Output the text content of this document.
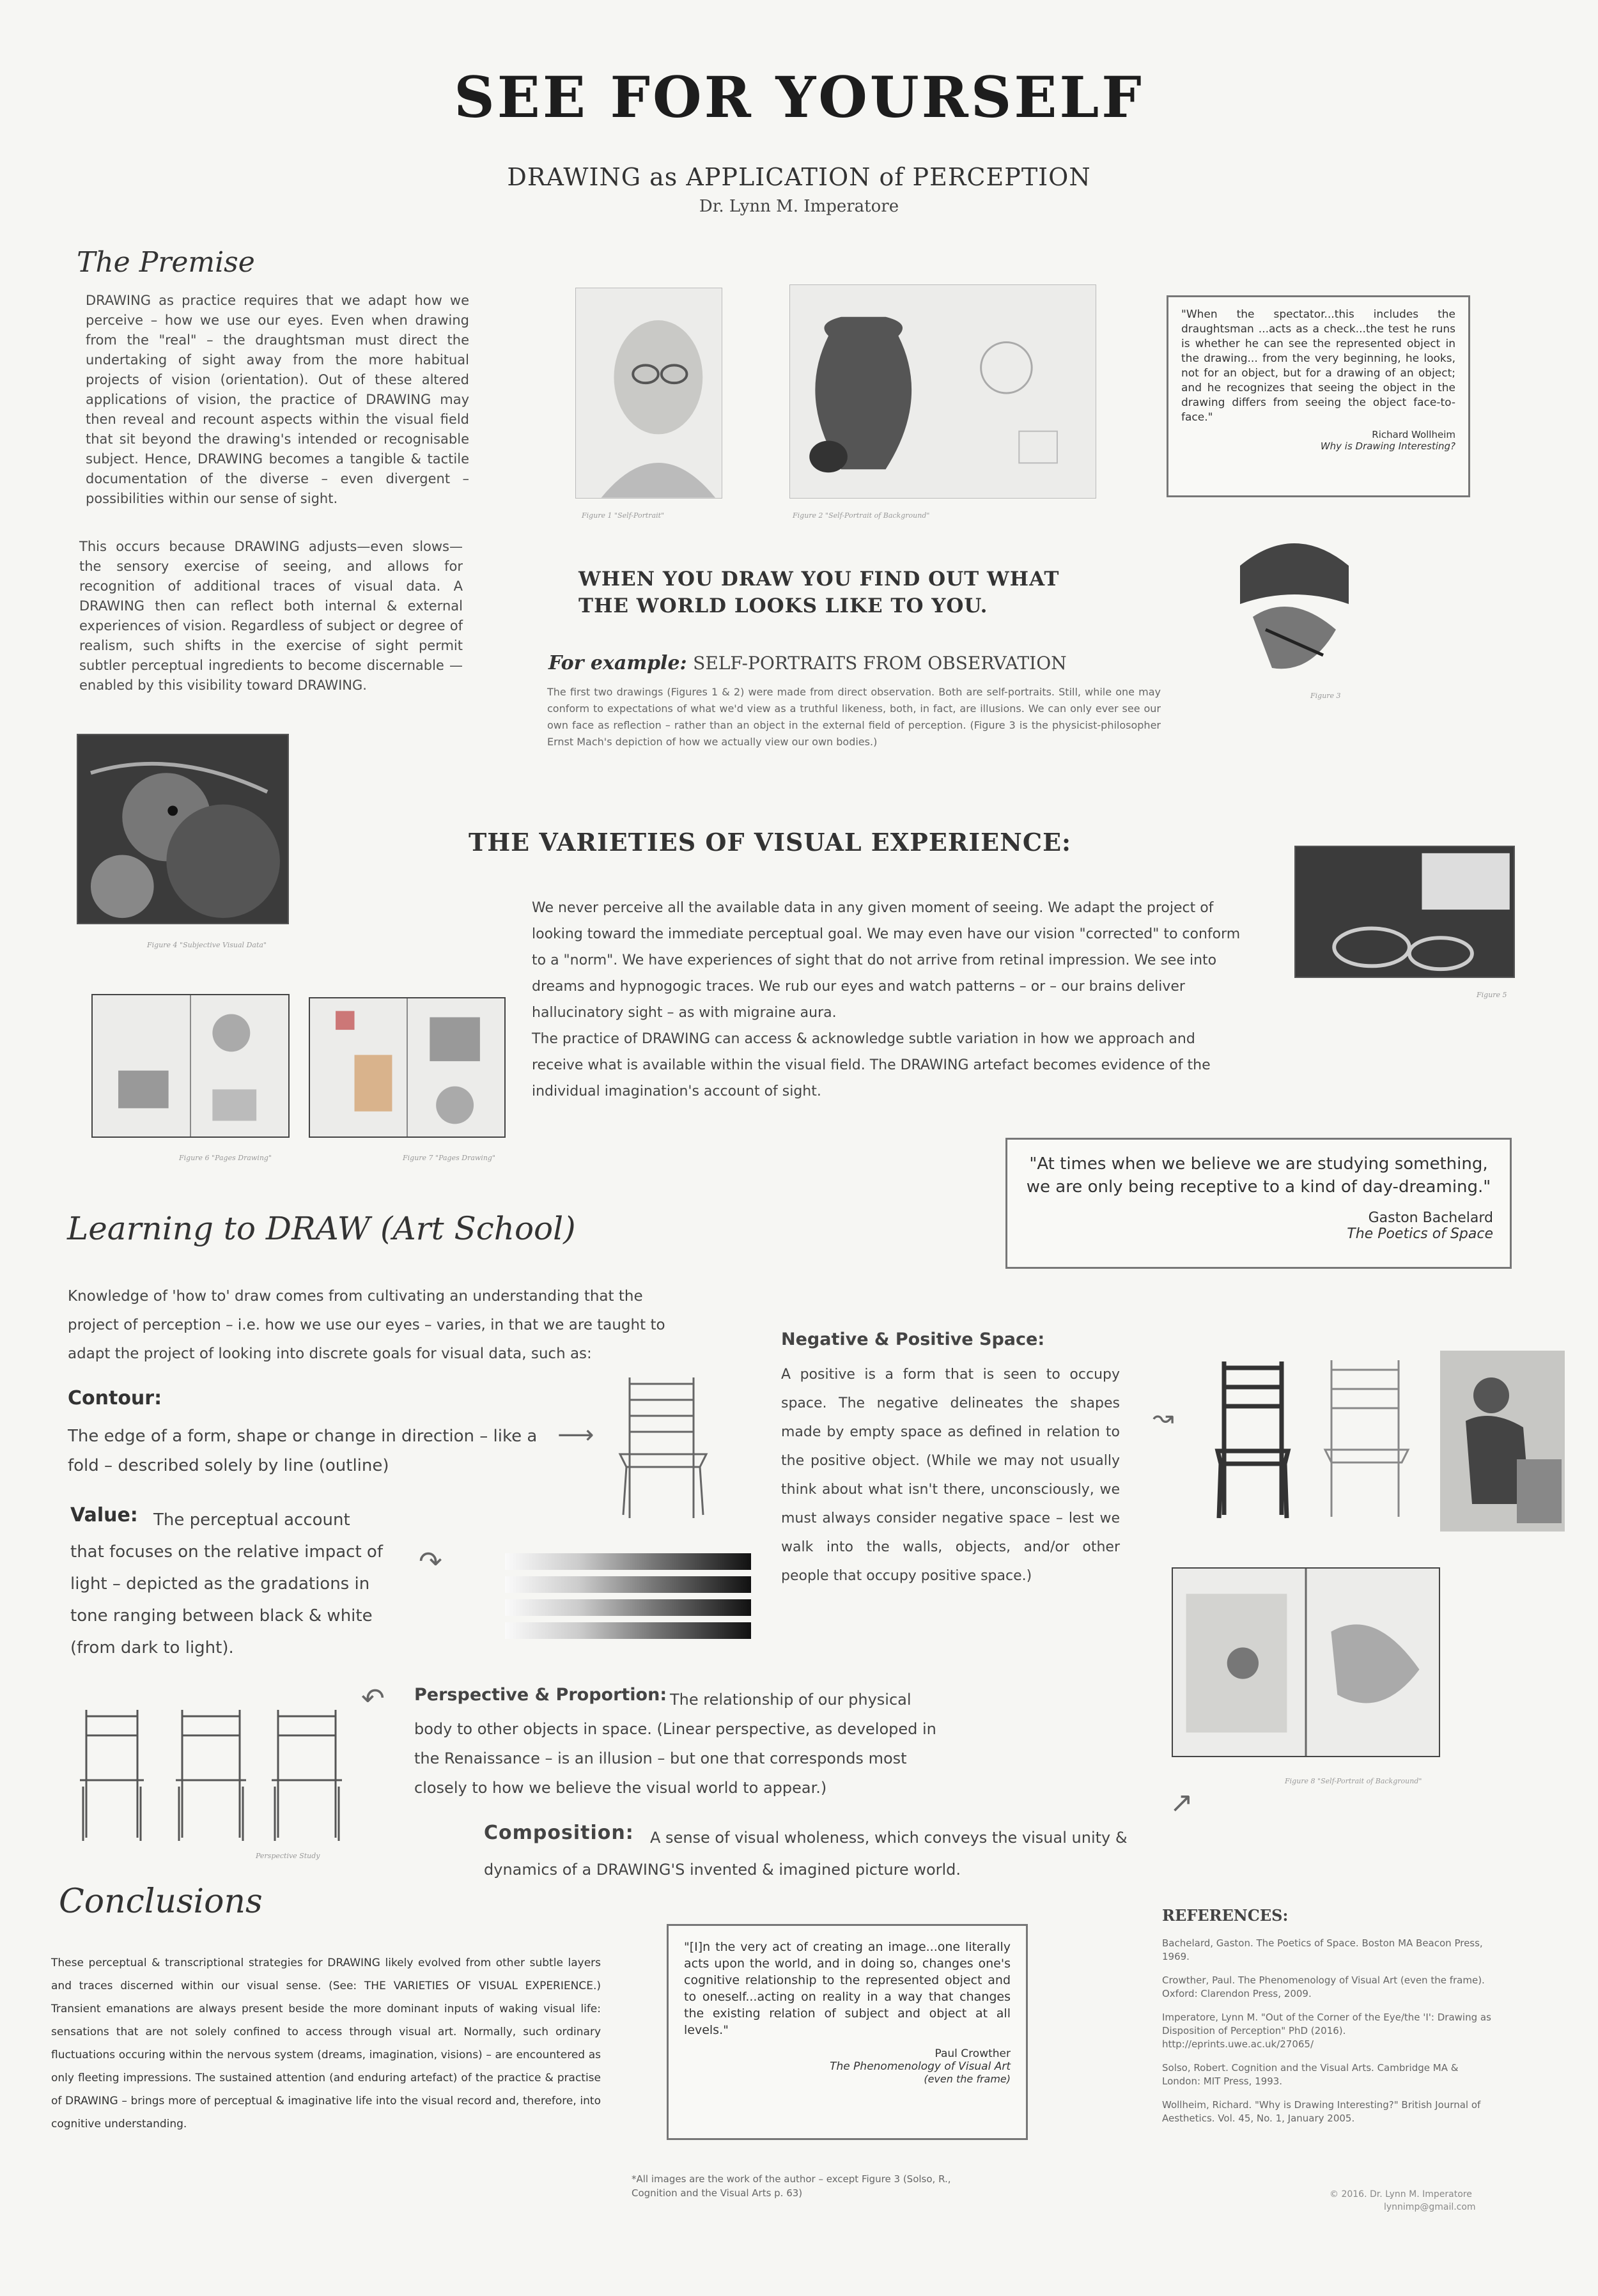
SEE FOR YOURSELF
DRAWING as APPLICATION of PERCEPTION
Dr. Lynn M. Imperatore
The Premise
DRAWING as practice requires that we adapt how we perceive – how we use our eyes. Even when drawing from the "real" – the draughtsman must direct the undertaking of sight away from the more habitual projects of vision (orientation). Out of these altered applications of vision, the practice of DRAWING may then reveal and recount aspects within the visual field that sit beyond the drawing's intended or recognisable subject. Hence, DRAWING becomes a tangible & tactile documentation of the diverse – even divergent – possibilities within our sense of sight.
This occurs because DRAWING adjusts—even slows— the sensory exercise of seeing, and allows for recognition of additional traces of visual data. A DRAWING then can reflect both internal & external experiences of vision. Regardless of subject or degree of realism, such shifts in the exercise of sight permit subtler perceptual ingredients to become discernable —enabled by this visibility toward DRAWING.
Figure 4 "Subjective Visual Data"
Figure 1 "Self-Portrait"	Figure 2 "Self-Portrait of Background"
"When the spectator...this includes the draughtsman ...acts as a check...the test he runs is whether he can see the represented object in the drawing... from the very beginning, he looks, not for an object, but for a drawing of an object; and he recognizes that seeing the object in the drawing differs from seeing the object face-to-face."
Richard Wollheim
Why is Drawing Interesting?
Figure 3
WHEN YOU DRAW YOU FIND OUT WHAT
THE WORLD LOOKS LIKE TO YOU.
For example: SELF-PORTRAITS FROM OBSERVATION
The first two drawings (Figures 1 & 2) were made from direct observation. Both are self-portraits. Still, while one may conform to expectations of what we'd view as a truthful likeness, both, in fact, are illusions. We can only ever see our own face as reflection – rather than an object in the external field of perception. (Figure 3 is the physicist-philosopher Ernst Mach's depiction of how we actually view our own bodies.)
THE VARIETIES OF VISUAL EXPERIENCE:
We never perceive all the available data in any given moment of seeing. We adapt the project of looking toward the immediate perceptual goal. We may even have our vision "corrected" to conform to a "norm". We have experiences of sight that do not arrive from retinal impression. We see into dreams and hypnogogic traces. We rub our eyes and watch patterns – or – our brains deliver hallucinatory sight – as with migraine aura.
The practice of DRAWING can access & acknowledge subtle variation in how we approach and receive what is available within the visual field. The DRAWING artefact becomes evidence of the individual imagination's account of sight.
Figure 5
Figure 6 "Pages Drawing"	Figure 7 "Pages Drawing"	"At times when we believe we are studying something, we are only being receptive to a kind of day-dreaming."
Gaston Bachelard
The Poetics of Space
Learning to DRAW (Art School)
Knowledge of 'how to' draw comes from cultivating an understanding that the project of perception – i.e. how we use our eyes – varies, in that we are taught to adapt the project of looking into discrete goals for visual data, such as:
Contour:
The edge of a form, shape or change in direction – like a fold – described solely by line (outline)
⟶
Value: The perceptual account that focuses on the relative impact of light – depicted as the gradations in tone ranging between black & white (from dark to light).
↷
Perspective Study
↶ Perspective & Proportion: The relationship of our physical body to other objects in space. (Linear perspective, as developed in the Renaissance – is an illusion – but one that corresponds most closely to how we believe the visual world to appear.)
Composition:	A sense of visual wholeness, which conveys the visual unity & dynamics of a DRAWING'S invented & imagined picture world.
Negative & Positive Space:
A positive is a form that is seen to occupy space. The negative delineates the shapes made by empty space as defined in relation to the positive object. (While we may not usually think about what isn't there, unconsciously, we must always consider negative space – lest we walk into the walls, objects, and/or other people that occupy positive space.)
↝
Figure 8 "Self-Portrait of Background"
↗
Conclusions
These perceptual & transcriptional strategies for DRAWING likely evolved from other subtle layers and traces discerned within our visual sense. (See: THE VARIETIES OF VISUAL EXPERIENCE.) Transient emanations are always present beside the more dominant inputs of waking visual life: sensations that are not solely confined to access through visual art. Normally, such ordinary fluctuations occuring within the nervous system (dreams, imagination, visions) – are encountered as only fleeting impressions. The sustained attention (and enduring artefact) of the practice & practise of DRAWING – brings more of perceptual & imaginative life into the visual record and, therefore, into cognitive understanding.
"[I]n the very act of creating an image...one literally acts upon the world, and in doing so, changes one's cognitive relationship to the represented object and to oneself...acting on reality in a way that changes the existing relation of subject and object at all levels."
Paul Crowther
The Phenomenology of Visual Art
(even the frame)
REFERENCES:
Bachelard, Gaston. The Poetics of Space. Boston MA Beacon Press, 1969.
Crowther, Paul. The Phenomenology of Visual Art (even the frame). Oxford: Clarendon Press, 2009.
Imperatore, Lynn M. "Out of the Corner of the Eye/the 'I': Drawing as Disposition of Perception" PhD (2016). http://eprints.uwe.ac.uk/27065/
Solso, Robert. Cognition and the Visual Arts. Cambridge MA & London: MIT Press, 1993.
Wollheim, Richard. "Why is Drawing Interesting?" British Journal of Aesthetics. Vol. 45, No. 1, January 2005.
*All images are the work of the author – except Figure 3 (Solso, R., Cognition and the Visual Arts p. 63)	© 2016. Dr. Lynn M. Imperatore
lynnimp@gmail.com
